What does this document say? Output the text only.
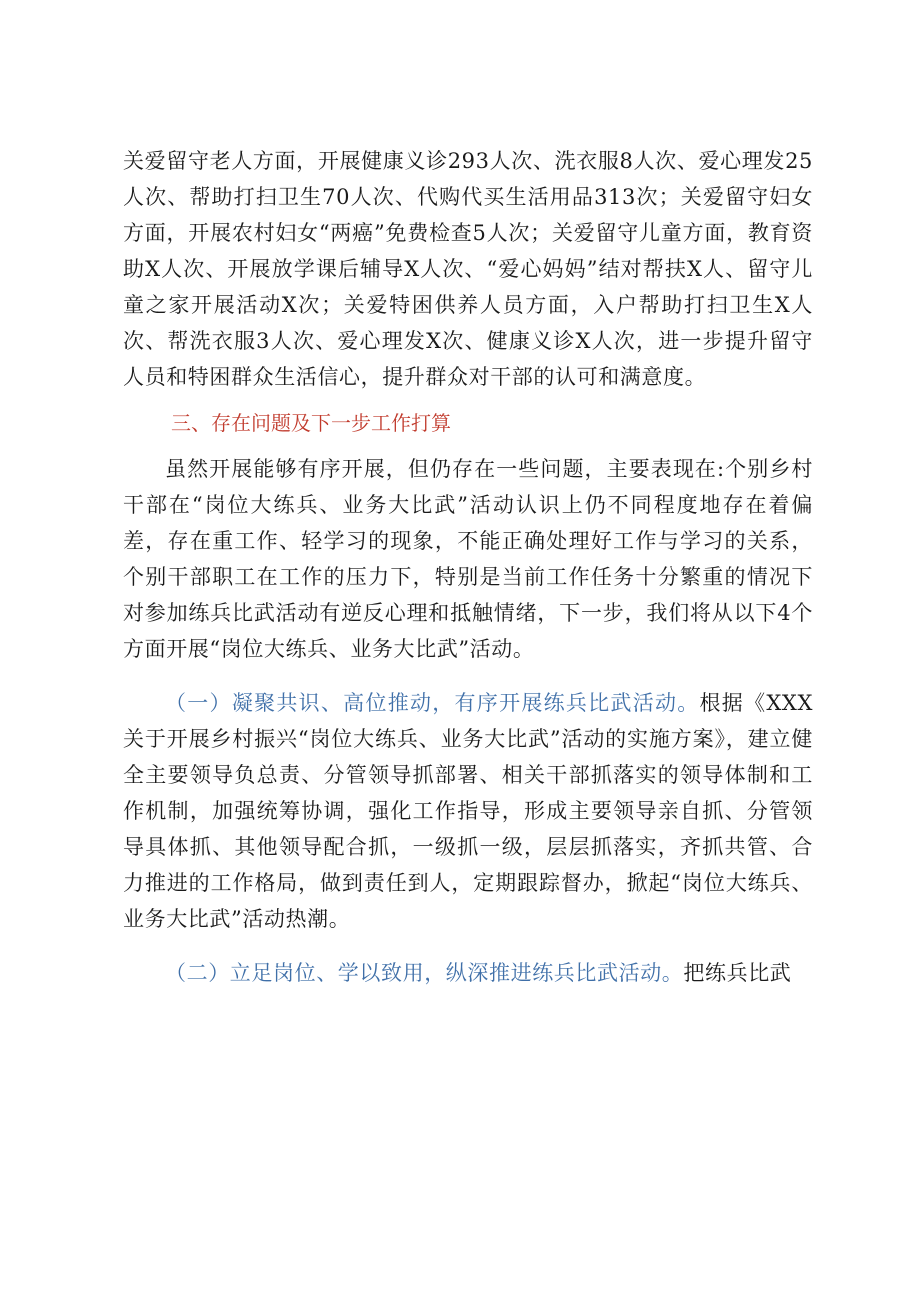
关爱留守老人方面，开展健康义诊293人次、洗衣服8人次、爱心理发25人次、帮助打扫卫生70人次、代购代买生活用品313次；关爱留守妇女方面，开展农村妇女“两癌”免费检查5人次；关爱留守儿童方面，教育资助X人次、开展放学课后辅导X人次、“爱心妈妈”结对帮扶X人、留守儿童之家开展活动X次；关爱特困供养人员方面，入户帮助打扫卫生X人次、帮洗衣服3人次、爱心理发X次、健康义诊X人次，进一步提升留守人员和特困群众生活信心，提升群众对干部的认可和满意度。

三、存在问题及下一步工作打算

虽然开展能够有序开展，但仍存在一些问题，主要表现在:个别乡村干部在“岗位大练兵、业务大比武”活动认识上仍不同程度地存在着偏差，存在重工作、轻学习的现象，不能正确处理好工作与学习的关系，个别干部职工在工作的压力下，特别是当前工作任务十分繁重的情况下对参加练兵比武活动有逆反心理和抵触情绪，下一步，我们将从以下4个方面开展“岗位大练兵、业务大比武”活动。

（一）凝聚共识、高位推动，有序开展练兵比武活动。根据《XXX关于开展乡村振兴“岗位大练兵、业务大比武”活动的实施方案》，建立健全主要领导负总责、分管领导抓部署、相关干部抓落实的领导体制和工作机制，加强统筹协调，强化工作指导，形成主要领导亲自抓、分管领导具体抓、其他领导配合抓，一级抓一级，层层抓落实，齐抓共管、合力推进的工作格局，做到责任到人，定期跟踪督办，掀起“岗位大练兵、业务大比武”活动热潮。

（二）立足岗位、学以致用，纵深推进练兵比武活动。把练兵比武
